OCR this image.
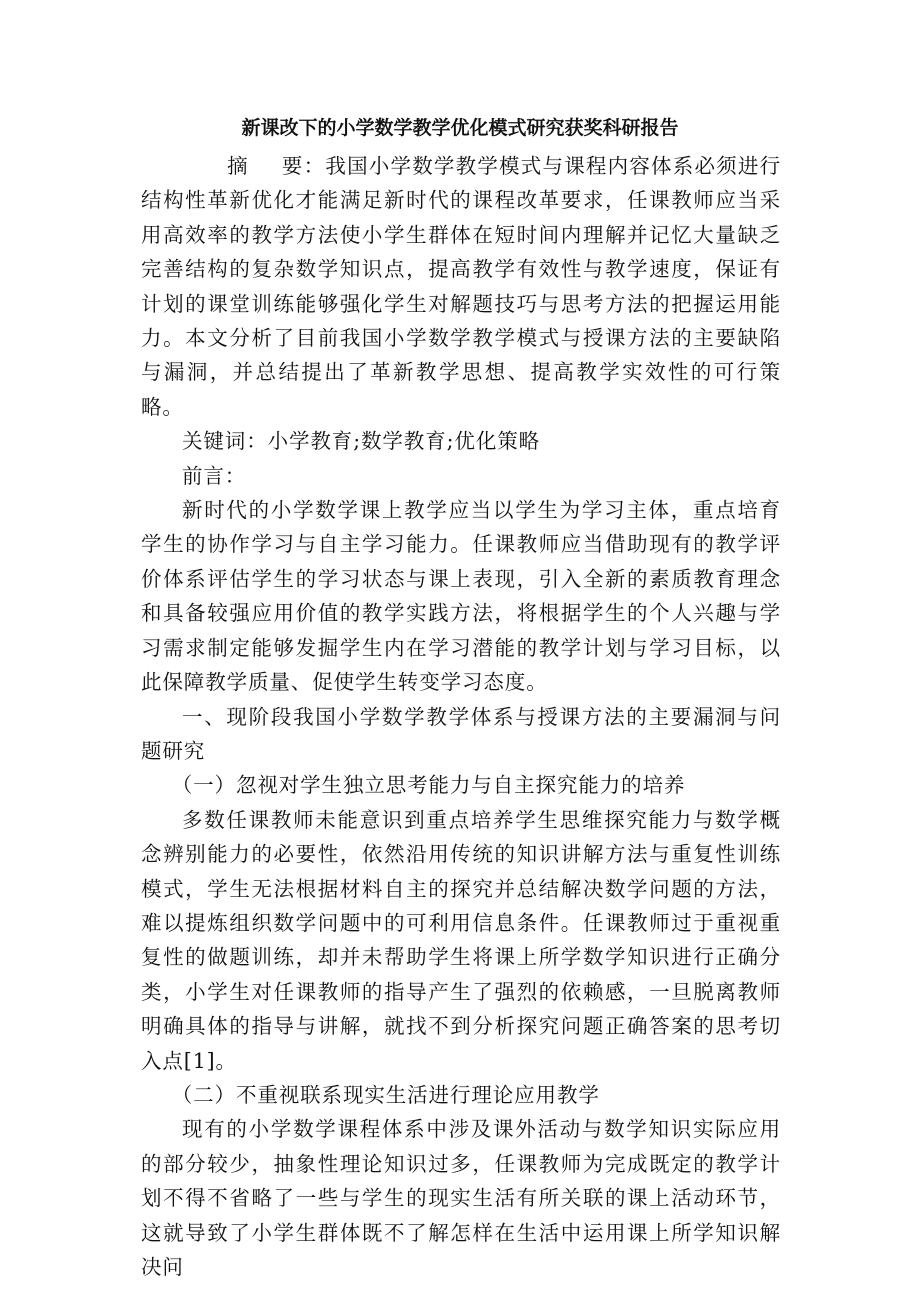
新课改下的小学数学教学优化模式研究获奖科研报告

摘 要：我国小学数学教学模式与课程内容体系必须进行结构性革新优化才能满足新时代的课程改革要求，任课教师应当采用高效率的教学方法使小学生群体在短时间内理解并记忆大量缺乏完善结构的复杂数学知识点，提高教学有效性与教学速度，保证有计划的课堂训练能够强化学生对解题技巧与思考方法的把握运用能力。本文分析了目前我国小学数学教学模式与授课方法的主要缺陷与漏洞，并总结提出了革新教学思想、提高教学实效性的可行策略。

关键词：小学教育;数学教育;优化策略

前言：

新时代的小学数学课上教学应当以学生为学习主体，重点培育学生的协作学习与自主学习能力。任课教师应当借助现有的教学评价体系评估学生的学习状态与课上表现，引入全新的素质教育理念和具备较强应用价值的教学实践方法，将根据学生的个人兴趣与学习需求制定能够发掘学生内在学习潜能的教学计划与学习目标，以此保障教学质量、促使学生转变学习态度。

一、现阶段我国小学数学教学体系与授课方法的主要漏洞与问题研究

（一）忽视对学生独立思考能力与自主探究能力的培养

多数任课教师未能意识到重点培养学生思维探究能力与数学概念辨别能力的必要性，依然沿用传统的知识讲解方法与重复性训练模式，学生无法根据材料自主的探究并总结解决数学问题的方法，难以提炼组织数学问题中的可利用信息条件。任课教师过于重视重复性的做题训练，却并未帮助学生将课上所学数学知识进行正确分类，小学生对任课教师的指导产生了强烈的依赖感，一旦脱离教师明确具体的指导与讲解，就找不到分析探究问题正确答案的思考切入点[1]。

（二）不重视联系现实生活进行理论应用教学

现有的小学数学课程体系中涉及课外活动与数学知识实际应用的部分较少，抽象性理论知识过多，任课教师为完成既定的教学计划不得不省略了一些与学生的现实生活有所关联的课上活动环节，这就导致了小学生群体既不了解怎样在生活中运用课上所学知识解决问
